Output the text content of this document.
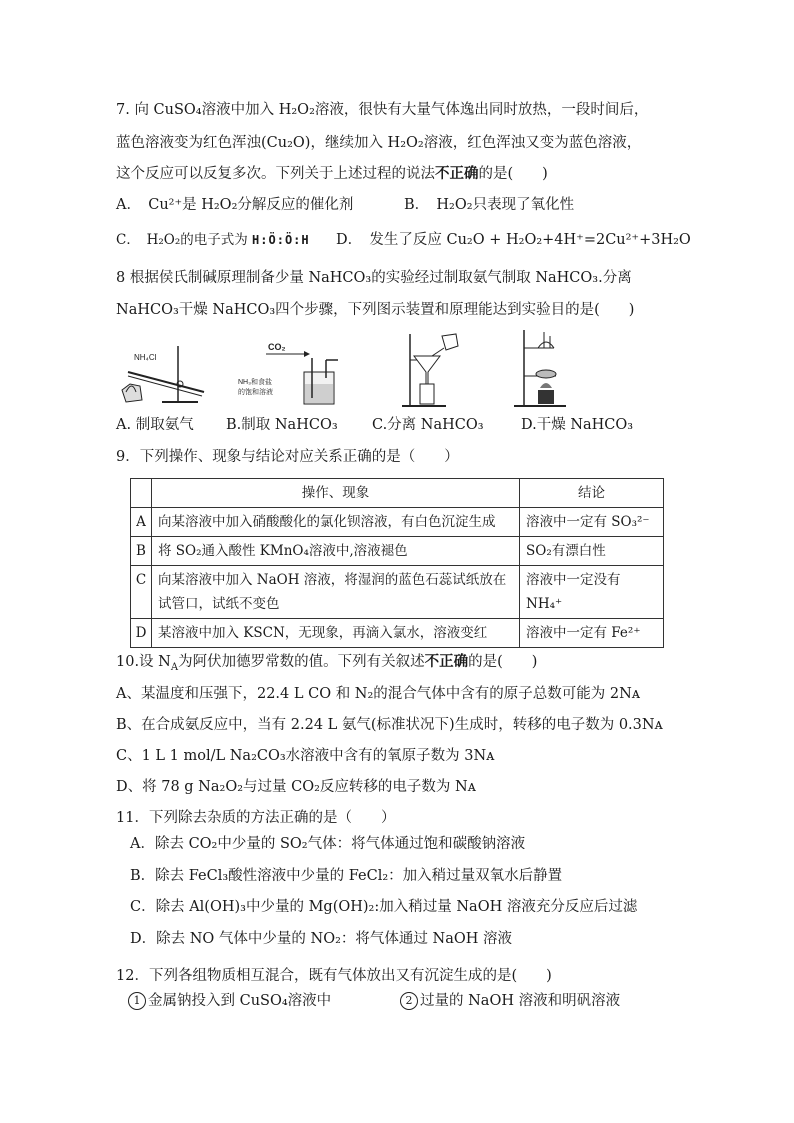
7. 向 CuSO₄溶液中加入 H₂O₂溶液，很快有大量气体逸出同时放热，一段时间后，
蓝色溶液变为红色浑浊(Cu₂O)，继续加入 H₂O₂溶液，红色浑浊又变为蓝色溶液，
这个反应可以反复多次。下列关于上述过程的说法不正确的是(　　)
A．　Cu²⁺是 H₂O₂分解反应的催化剂	B．　H₂O₂只表现了氧化性
C．　H₂O₂的电子式为 H:Ö:Ö:H D．　发生了反应 Cu₂O + H₂O₂+4H⁺=2Cu²⁺+3H₂O
8 根据侯氏制碱原理制备少量 NaHCO₃的实验经过制取氨气制取 NaHCO₃.分离
NaHCO₃干燥 NaHCO₃四个步骤，下列图示装置和原理能达到实验目的是(　　)
NH₄Cl
CO₂
NH₃和食盐
的饱和溶液
A. 制取氨气 B.制取 NaHCO₃ C.分离 NaHCO₃	D.干燥 NaHCO₃
9．下列操作、现象与结论对应关系正确的是（　　）
	操作、现象	结论
A	向某溶液中加入硝酸酸化的氯化钡溶液，有白色沉淀生成	溶液中一定有 SO₃²⁻
B	将 SO₂通入酸性 KMnO₄溶液中,溶液褪色	SO₂有漂白性
C	向某溶液中加入 NaOH 溶液，将湿润的蓝色石蕊试纸放在试管口，试纸不变色	溶液中一定没有 NH₄⁺
D	某溶液中加入 KSCN，无现象，再滴入氯水，溶液变红	溶液中一定有 Fe²⁺
10.设 $N_A$为阿伏加德罗常数的值。下列有关叙述不正确的是(　　)
A、某温度和压强下，22.4 L CO 和 N₂的混合气体中含有的原子总数可能为 2Nᴀ
B、在合成氨反应中，当有 2.24 L 氨气(标准状况下)生成时，转移的电子数为 0.3Nᴀ
C、1 L 1 mol/L Na₂CO₃水溶液中含有的氧原子数为 3Nᴀ
D、将 78 g Na₂O₂与过量 CO₂反应转移的电子数为 Nᴀ
11．下列除去杂质的方法正确的是（　　）
A．除去 CO₂中少量的 SO₂气体：将气体通过饱和碳酸钠溶液
B．除去 FeCl₃酸性溶液中少量的 FeCl₂：加入稍过量双氧水后静置
C．除去 Al(OH)₃中少量的 Mg(OH)₂:加入稍过量 NaOH 溶液充分反应后过滤
D．除去 NO 气体中少量的 NO₂：将气体通过 NaOH 溶液
12．下列各组物质相互混合，既有气体放出又有沉淀生成的是(　　)
1 金属钠投入到 CuSO₄溶液中	2 过量的 NaOH 溶液和明矾溶液
